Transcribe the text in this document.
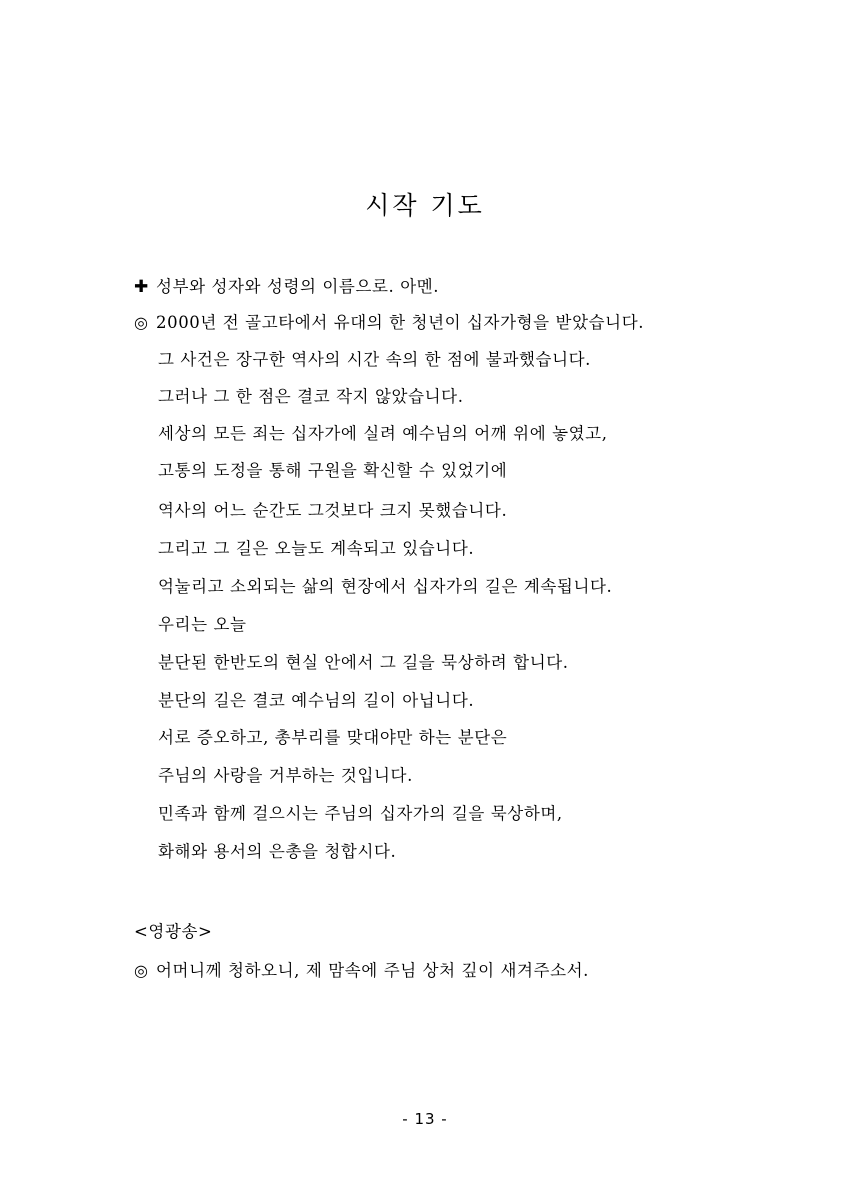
시작 기도
✚ 성부와 성자와 성령의 이름으로. 아멘.
◎ 2000년 전 골고타에서 유대의 한 청년이 십자가형을 받았습니다.
그 사건은 장구한 역사의 시간 속의 한 점에 불과했습니다.
그러나 그 한 점은 결코 작지 않았습니다.
세상의 모든 죄는 십자가에 실려 예수님의 어깨 위에 놓였고,
고통의 도정을 통해 구원을 확신할 수 있었기에
역사의 어느 순간도 그것보다 크지 못했습니다.
그리고 그 길은 오늘도 계속되고 있습니다.
억눌리고 소외되는 삶의 현장에서 십자가의 길은 계속됩니다.
우리는 오늘
분단된 한반도의 현실 안에서 그 길을 묵상하려 합니다.
분단의 길은 결코 예수님의 길이 아닙니다.
서로 증오하고, 총부리를 맞대야만 하는 분단은
주님의 사랑을 거부하는 것입니다.
민족과 함께 걸으시는 주님의 십자가의 길을 묵상하며,
화해와 용서의 은총을 청합시다.
<영광송>
◎ 어머니께 청하오니, 제 맘속에 주님 상처 깊이 새겨주소서.
- 13 -
